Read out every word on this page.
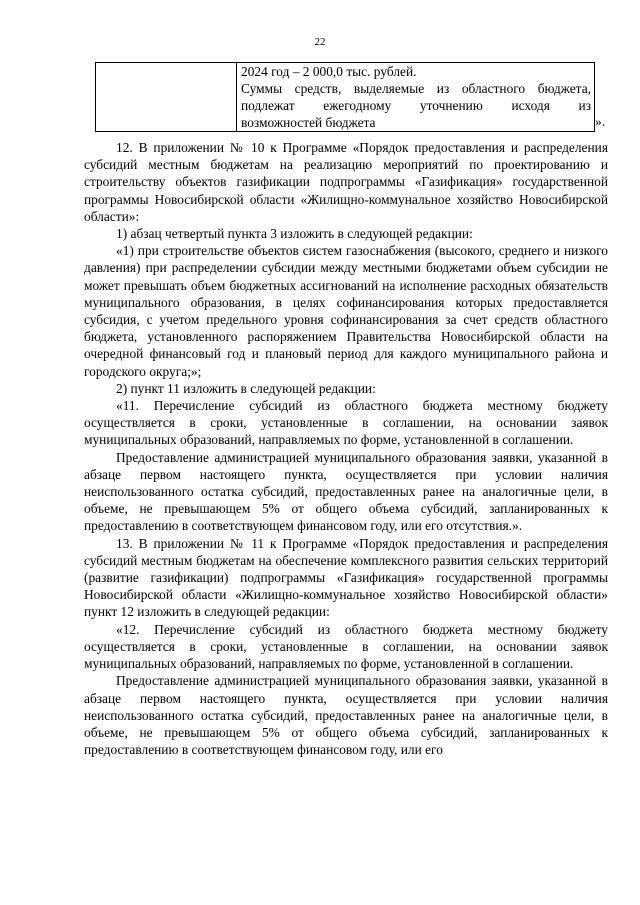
22

2024 год – 2 000,0 тыс. рублей.
Суммы средств, выделяемые из областного бюджета,
подлежат ежегодному уточнению исходя из
возможностей бюджета	».

12. В приложении № 10 к Программе «Порядок предоставления и распределения субсидий местным бюджетам на реализацию мероприятий по проектированию и строительству объектов газификации подпрограммы «Газификация» государственной программы Новосибирской области «Жилищно-коммунальное хозяйство Новосибирской области»:

1) абзац четвертый пункта 3 изложить в следующей редакции:

«1) при строительстве объектов систем газоснабжения (высокого, среднего и низкого давления) при распределении субсидии между местными бюджетами объем субсидии не может превышать объем бюджетных ассигнований на исполнение расходных обязательств муниципального образования, в целях софинансирования которых предоставляется субсидия, с учетом предельного уровня софинансирования за счет средств областного бюджета, установленного распоряжением Правительства Новосибирской области на очередной финансовый год и плановый период для каждого муниципального района и городского округа;»;

2) пункт 11 изложить в следующей редакции:

«11. Перечисление субсидий из областного бюджета местному бюджету осуществляется в сроки, установленные в соглашении, на основании заявок муниципальных образований, направляемых по форме, установленной в соглашении.

Предоставление администрацией муниципального образования заявки, указанной в абзаце первом настоящего пункта, осуществляется при условии наличия неиспользованного остатка субсидий, предоставленных ранее на аналогичные цели, в объеме, не превышающем 5% от общего объема субсидий, запланированных к предоставлению в соответствующем финансовом году, или его отсутствия.».

13. В приложении № 11 к Программе «Порядок предоставления и распределения субсидий местным бюджетам на обеспечение комплексного развития сельских территорий (развитие газификации) подпрограммы «Газификация» государственной программы Новосибирской области «Жилищно-коммунальное хозяйство Новосибирской области» пункт 12 изложить в следующей редакции:

«12. Перечисление субсидий из областного бюджета местному бюджету осуществляется в сроки, установленные в соглашении, на основании заявок муниципальных образований, направляемых по форме, установленной в соглашении.

Предоставление администрацией муниципального образования заявки, указанной в абзаце первом настоящего пункта, осуществляется при условии наличия неиспользованного остатка субсидий, предоставленных ранее на аналогичные цели, в объеме, не превышающем 5% от общего объема субсидий, запланированных к предоставлению в соответствующем финансовом году, или его
